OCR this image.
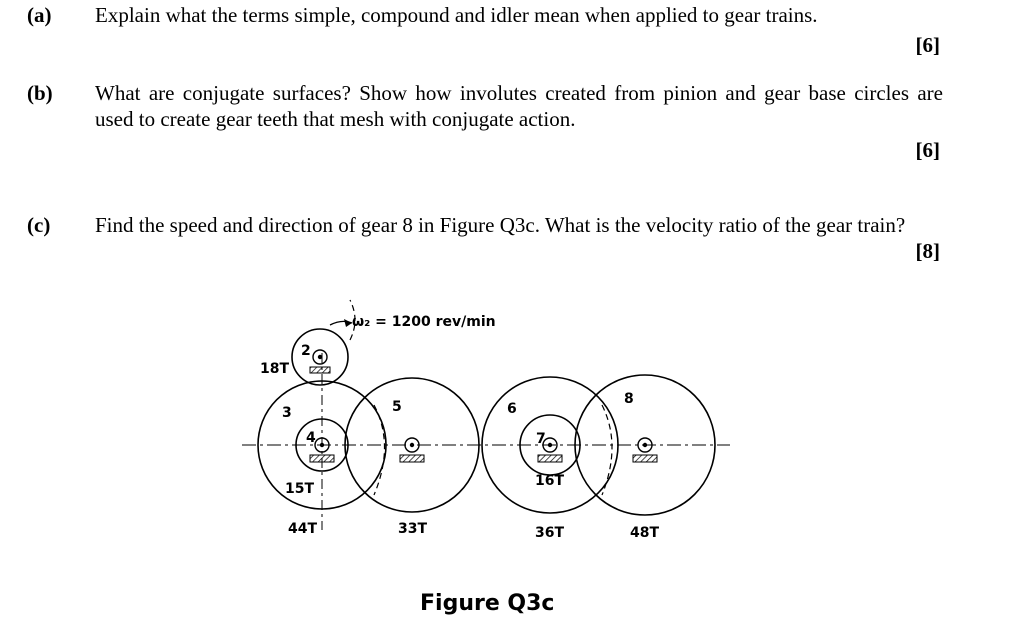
(a) Explain what the terms simple, compound and idler mean when applied to gear trains.
[6]
(b) What are conjugate surfaces? Show how involutes created from pinion and gear base circles are used to create gear teeth that mesh with conjugate action.
[6]
(c) Find the speed and direction of gear 8 in Figure Q3c. What is the velocity ratio of the gear train?
[8]
ω₂ = 1200 rev/min
2
3
4
5	6
7
8
18T
15T
44T	33T	36T
16T
48T
Figure Q3c
